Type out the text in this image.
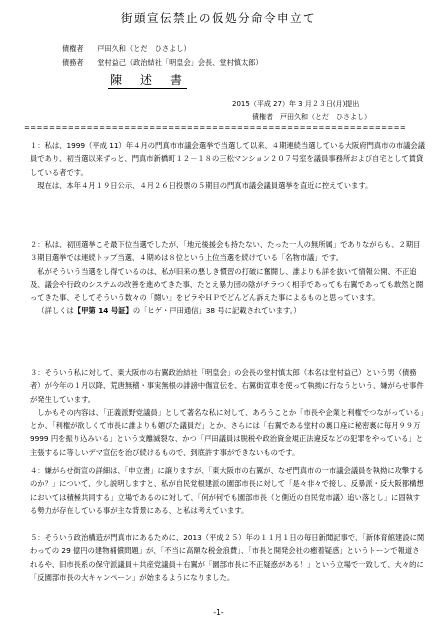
街頭宣伝禁止の仮処分命令申立て
債権者　 戸田久和（とだ　ひさよし）
債務者　 堂村益己（政治結社「明皇会」会長、堂村慎太郎）
陳　述　書
2015（平成 27）年 3 月２３日(月)提出
債権者　戸田久和（とだ　ひさよし）
=============================================================
１：私は、1999（平成 11）年４月の門真市市議会選挙で当選して以来、４期連続当選している大阪府門真市の市議会議員であり、初当選以来ずっと、門真市新橋町１２－１８の三松マンション２０７号室を議員事務所および自宅として賃貸している者です。
現在は、本年４月１９日公示、４月２６日投票の５期目の門真市議会議員選挙を直近に控えています。
２：私は、初回選挙こそ最下位当選でしたが、「地元後援会も持たない、たった一人の無所属」でありながらも、２期目３期目選挙では連続トップ当選、４期めは８位という上位当選を続けている「名物市議」です。
私がそういう当選をし得ているのは、私が旧来の悪しき慣習の打破に奮闘し、誰よりも詳を抜いて情報公開、不正追及、議会や行政のシステムの改善を進めてきた事、たとえ暴力団の陰がチラつく相手であっても右翼であっても敢然と闘ってきた事、そしてそういう数々の「闘い」をビラやＨＰでどんどん訴えた事によるものと思っています。
（詳しくは【甲第 14 号証】の「ヒゲ・戸田通信」38 号に記載されています。）
３：そういう私に対して、東大阪市の右翼政治結社「明皇会」の会長の堂村慎太郎（本名は堂村益己）という男（債務者）が今年の１月以降、荒唐無稽・事実無根の誹謗中傷宣伝を、右翼街宣車を使って執拗に行なうという、嫌がらせ事件が発生しています。
しかもその内容は、「正義派野党議員」として著名な私に対して、あろうことか「市長や企業と利権でつながっている」とか、「利権が欲しくて市長に誰よりも媚びた議員だ」とか、さらには「右翼である堂村の裏口座に秘密裏に毎月９９万 9999 円を振り込みいる」という支離滅裂な、かつ「戸田議員は脱税や政治資金規正法違反などの犯罪をやっている」と主張するに等しいデマ宣伝を治び続けるもので、到底許す事ができないものです。
４：嫌がらせ街宣の詳細は、「申立書」に譲りますが、「東大阪市の右翼が、なぜ門真市の一市議会議員を執拗に攻撃するのか？」について、少し説明しますと、私が自民党根建派の園部市長に対して「是々非々で接し、反暴派・反大阪都構想においては積極共同する」立場であるのに対して、「何が何でも園部市長（と側近の自民党市議）追い落とし」に固執する勢力が存在している事が主な背景にある、と私は考えています。
５：そういう政治構造が門真市にあるために、2013（平成２５）年の１１月１日の毎日新聞記事で、「新体育館建設に関わっての 29 億円の建物補償問題」が、「不当に高額な税金浪費」、「市長と開発会社の癒着疑惑」というトーンで報道されるや、旧市長系の保守派議員＋共産党議員＋右翼が「園部市長に不正疑惑がある！」という立場で一致して、大々的に「反園部市長の大キャンペーン」が始まるようになりました。
-1-
